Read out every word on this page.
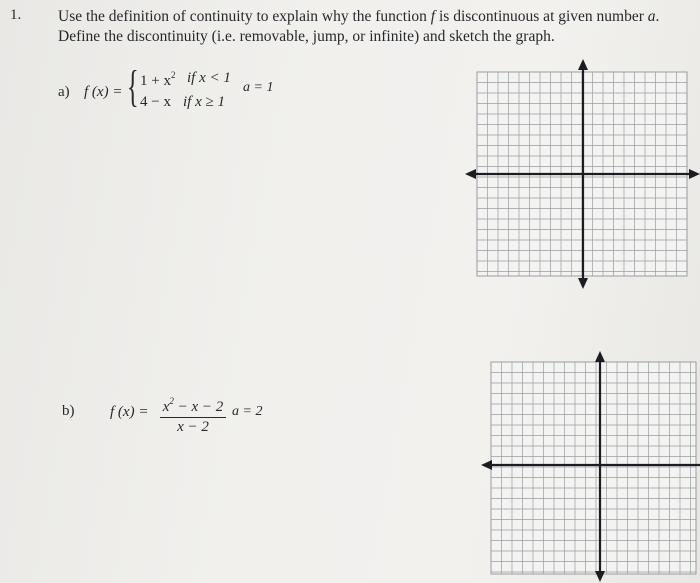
1. Use the definition of continuity to explain why the function f is discontinuous at given number a.
Define the discontinuity (i.e. removable, jump, or infinite) and sketch the graph.
a) f (x) = { $1 + x^2$ if x < 1
4 − x if x ≥ 1
a = 1
b) f $(x) = x^2 - x - 2$
x − 2
a = 2
